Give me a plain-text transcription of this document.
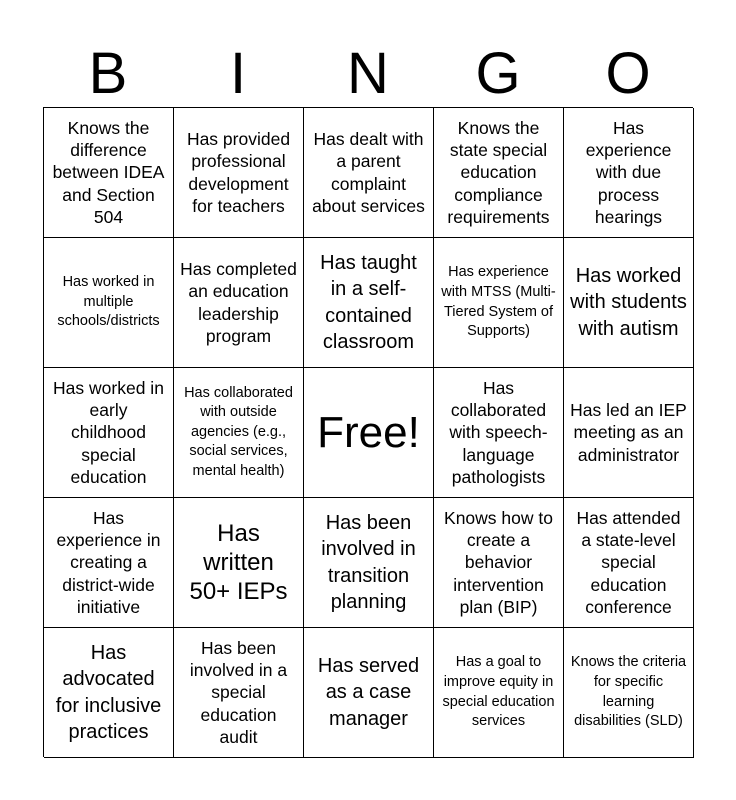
B	I	N	G	O
Knows the difference between IDEA and Section 504
Has provided professional development for teachers
Has dealt with a parent complaint about services
Knows the state special education compliance requirements
Has experience with due process hearings
Has worked in multiple schools/districts
Has completed an education leadership program
Has taught in a self-contained classroom
Has experience with MTSS (Multi-Tiered System of Supports)
Has worked with students with autism
Has worked in early childhood special education
Has collaborated with outside agencies (e.g., social services, mental health)
Free!
Has collaborated with speech-language pathologists
Has led an IEP meeting as an administrator
Has experience in creating a district-wide initiative
Has written 50+ IEPs
Has been involved in transition planning
Knows how to create a behavior intervention plan (BIP)
Has attended a state-level special education conference
Has advocated for inclusive practices
Has been involved in a special education audit
Has served as a case manager
Has a goal to improve equity in special education services
Knows the criteria for specific learning disabilities (SLD)
